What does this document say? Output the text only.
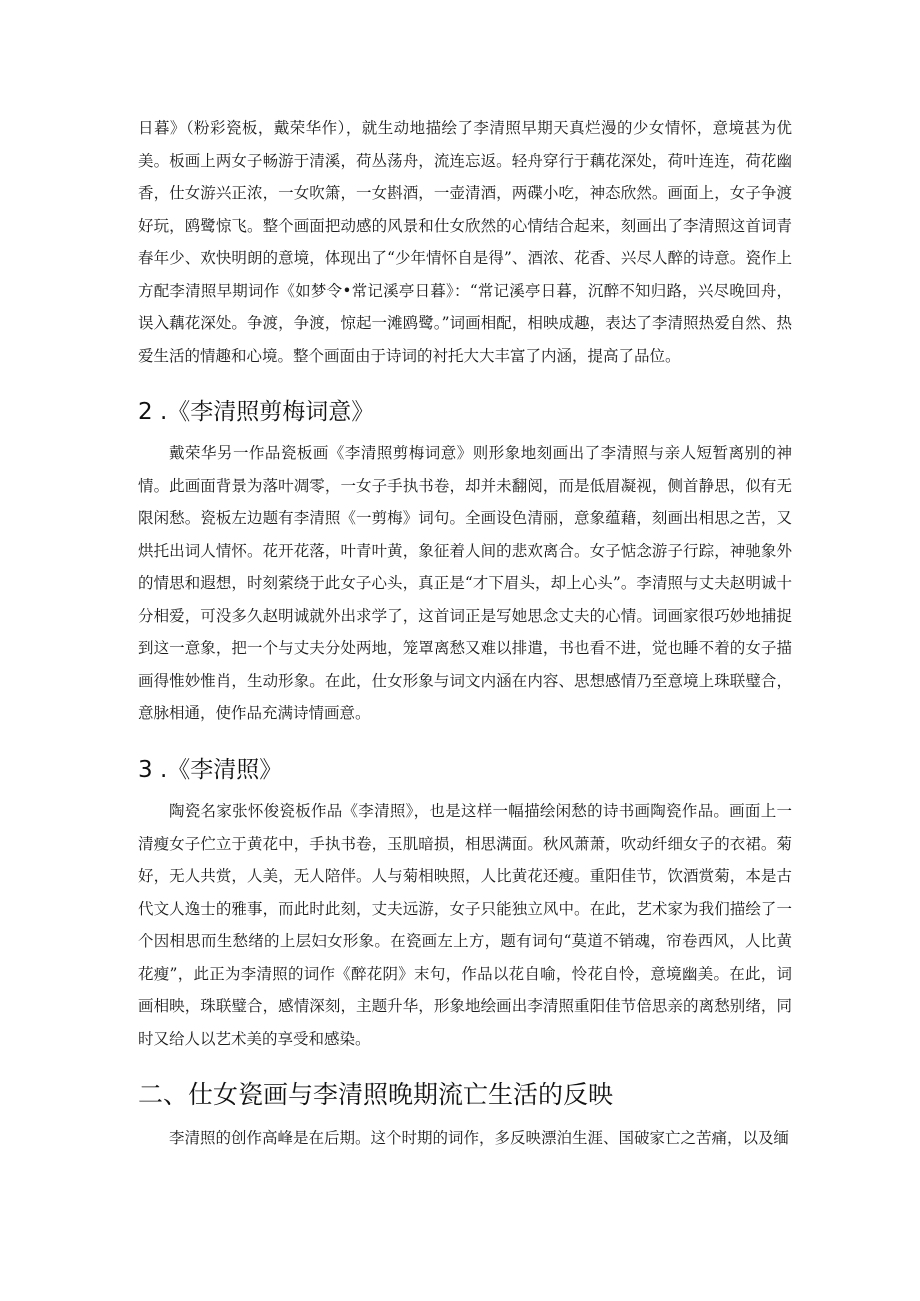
日暮》（粉彩瓷板，戴荣华作），就生动地描绘了李清照早期天真烂漫的少女情怀，意境甚为优美。板画上两女子畅游于清溪，荷丛荡舟，流连忘返。轻舟穿行于藕花深处，荷叶连连，荷花幽香，仕女游兴正浓，一女吹箫，一女斟酒，一壶清酒，两碟小吃，神态欣然。画面上，女子争渡好玩，鸥鹭惊飞。整个画面把动感的风景和仕女欣然的心情结合起来，刻画出了李清照这首词青春年少、欢快明朗的意境，体现出了“少年情怀自是得”、酒浓、花香、兴尽人醉的诗意。瓷作上方配李清照早期词作《如梦令•常记溪亭日暮》：“常记溪亭日暮，沉醉不知归路，兴尽晚回舟，误入藕花深处。争渡，争渡，惊起一滩鸥鹭。”词画相配，相映成趣，表达了李清照热爱自然、热爱生活的情趣和心境。整个画面由于诗词的衬托大大丰富了内涵，提高了品位。

2 .《李清照剪梅词意》

戴荣华另一作品瓷板画《李清照剪梅词意》则形象地刻画出了李清照与亲人短暂离别的神情。此画面背景为落叶凋零，一女子手执书卷，却并未翻阅，而是低眉凝视，侧首静思，似有无限闲愁。瓷板左边题有李清照《一剪梅》词句。全画设色清丽，意象蕴藉，刻画出相思之苦，又烘托出词人情怀。花开花落，叶青叶黄，象征着人间的悲欢离合。女子惦念游子行踪，神驰象外的情思和遐想，时刻萦绕于此女子心头，真正是“才下眉头，却上心头”。李清照与丈夫赵明诚十分相爱，可没多久赵明诚就外出求学了，这首词正是写她思念丈夫的心情。词画家很巧妙地捕捉到这一意象，把一个与丈夫分处两地，笼罩离愁又难以排遣，书也看不进，觉也睡不着的女子描画得惟妙惟肖，生动形象。在此，仕女形象与词文内涵在内容、思想感情乃至意境上珠联璧合，意脉相通，使作品充满诗情画意。

3 .《李清照》

陶瓷名家张怀俊瓷板作品《李清照》，也是这样一幅描绘闲愁的诗书画陶瓷作品。画面上一清瘦女子伫立于黄花中，手执书卷，玉肌暗损，相思满面。秋风萧萧，吹动纤细女子的衣裙。菊好，无人共赏，人美，无人陪伴。人与菊相映照，人比黄花还瘦。重阳佳节，饮酒赏菊，本是古代文人逸士的雅事，而此时此刻，丈夫远游，女子只能独立风中。在此，艺术家为我们描绘了一个因相思而生愁绪的上层妇女形象。在瓷画左上方，题有词句“莫道不销魂，帘卷西风，人比黄花瘦”，此正为李清照的词作《醉花阴》末句，作品以花自喻，怜花自怜，意境幽美。在此，词画相映，珠联璧合，感情深刻，主题升华，形象地绘画出李清照重阳佳节倍思亲的离愁别绪，同时又给人以艺术美的享受和感染。

二、仕女瓷画与李清照晚期流亡生活的反映

李清照的创作高峰是在后期。这个时期的词作，多反映漂泊生涯、国破家亡之苦痛，以及缅
